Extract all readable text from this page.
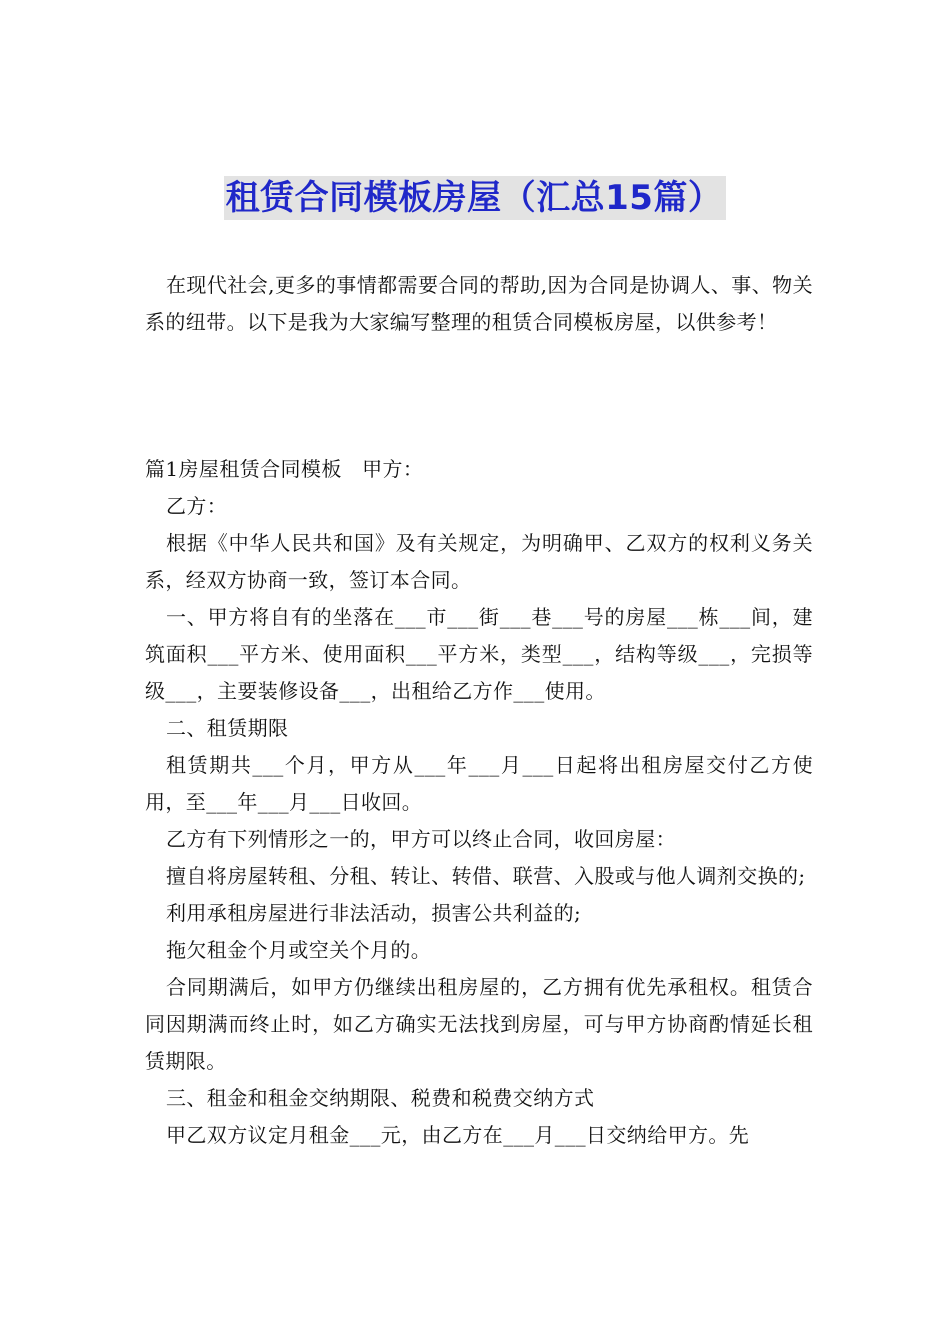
租赁合同模板房屋（汇总15篇）

在现代社会,更多的事情都需要合同的帮助,因为合同是协调人、事、物关系的纽带。以下是我为大家编写整理的租赁合同模板房屋，以供参考！

篇1房屋租赁合同模板　甲方：

乙方：

根据《中华人民共和国》及有关规定，为明确甲、乙双方的权利义务关系，经双方协商一致，签订本合同。

一、甲方将自有的坐落在___市___街___巷___号的房屋___栋___间，建筑面积___平方米、使用面积___平方米，类型___，结构等级___，完损等级___，主要装修设备___，出租给乙方作___使用。

二、租赁期限

租赁期共___个月，甲方从___年___月___日起将出租房屋交付乙方使用，至___年___月___日收回。

乙方有下列情形之一的，甲方可以终止合同，收回房屋：

擅自将房屋转租、分租、转让、转借、联营、入股或与他人调剂交换的;

利用承租房屋进行非法活动，损害公共利益的;

拖欠租金个月或空关个月的。

合同期满后，如甲方仍继续出租房屋的，乙方拥有优先承租权。租赁合同因期满而终止时，如乙方确实无法找到房屋，可与甲方协商酌情延长租赁期限。

三、租金和租金交纳期限、税费和税费交纳方式

甲乙双方议定月租金___元，由乙方在___月___日交纳给甲方。先
